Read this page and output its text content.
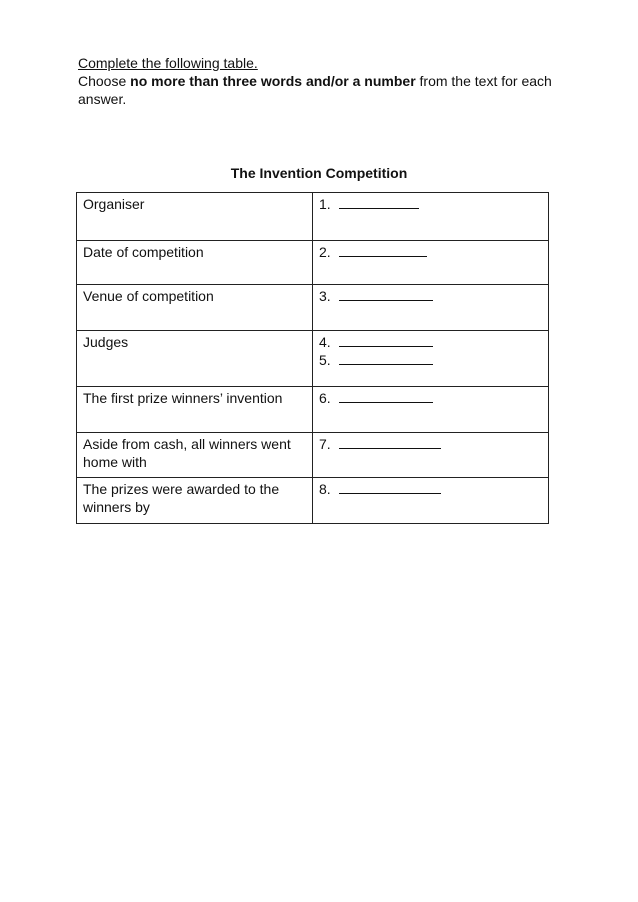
Complete the following table.
Choose no more than three words and/or a number from the text for each answer.
The Invention Competition
Organiser	1.

Date of competition	2.

Venue of competition	3.

Judges	4.
5.

The first prize winners’ invention	6.

Aside from cash, all winners went home with	7.

The prizes were awarded to the winners by	8.
